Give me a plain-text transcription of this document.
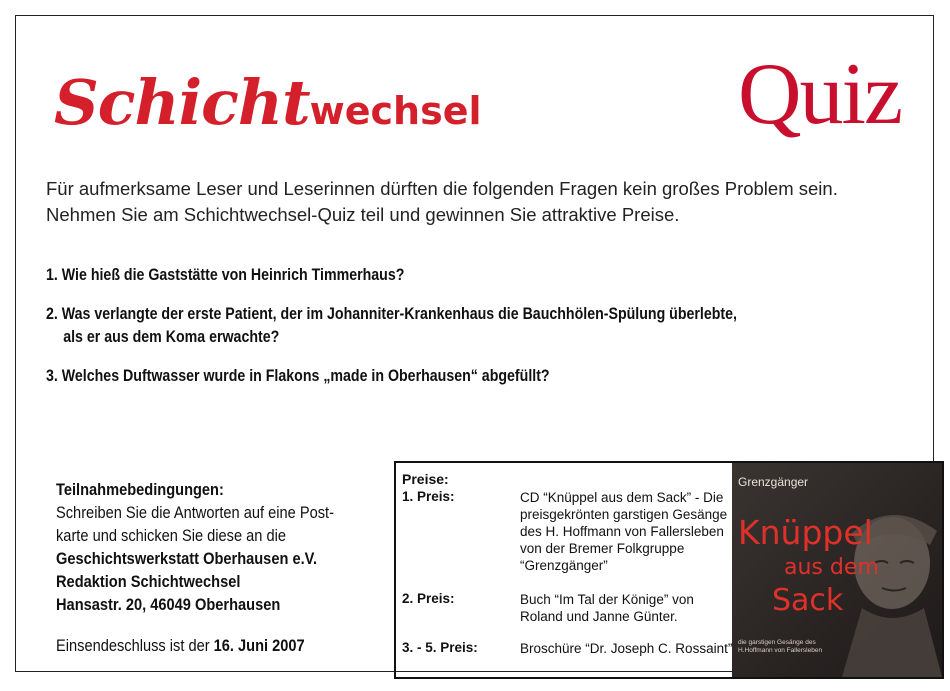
Schichtwechsel	Quiz

Für aufmerksame Leser und Leserinnen dürften die folgenden Fragen kein großes Problem sein.

Nehmen Sie am Schichtwechsel-Quiz teil und gewinnen Sie attraktive Preise.

1. Wie hieß die Gaststätte von Heinrich Timmerhaus?

2. Was verlangte der erste Patient, der im Johanniter-Krankenhaus die Bauchhölen-Spülung überlebte,
als er aus dem Koma erwachte?

3. Welches Duftwasser wurde in Flakons „made in Oberhausen“ abgefüllt?

Teilnahmebedingungen:
Schreiben Sie die Antworten auf eine Post-
karte und schicken Sie diese an die
Geschichtswerkstatt Oberhausen e.V.
Redaktion Schichtwechsel
Hansastr. 20, 46049 Oberhausen
Einsendeschluss ist der 16. Juni 2007
Preise:
1. Preis:	CD “Knüppel aus dem Sack” - Die preisgekrönten garstigen Gesänge des H. Hoffmann von Fallersleben von der Bremer Folkgruppe “Grenzgänger”
2. Preis:	Buch “Im Tal der Könige” von Roland und Janne Günter.
3. - 5. Preis:	Broschüre “Dr. Joseph C. Rossaint”
Grenzgänger
Knüppel
aus dem
Sack
die garstigen Gesänge des H.Hoffmann von Fallersleben
